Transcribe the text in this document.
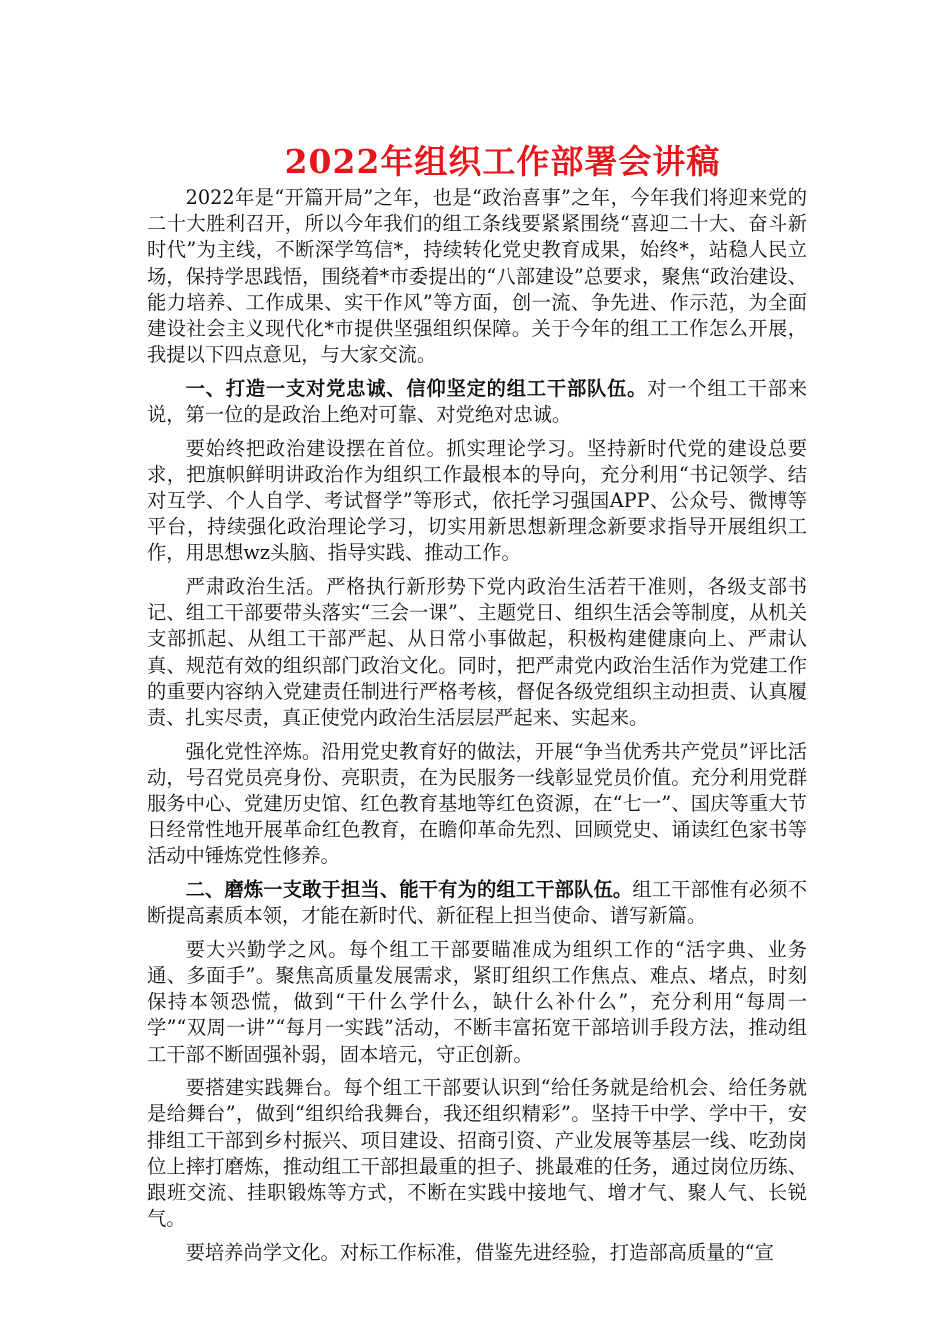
2022年组织工作部署会讲稿

2022年是“开篇开局”之年，也是“政治喜事”之年，今年我们将迎来党的二十大胜利召开，所以今年我们的组工条线要紧紧围绕“喜迎二十大、奋斗新时代”为主线，不断深学笃信*，持续转化党史教育成果，始终*，站稳人民立场，保持学思践悟，围绕着*市委提出的“八部建设”总要求，聚焦“政治建设、能力培养、工作成果、实干作风”等方面，创一流、争先进、作示范，为全面建设社会主义现代化*市提供坚强组织保障。关于今年的组工工作怎么开展，我提以下四点意见，与大家交流。

一、打造一支对党忠诚、信仰坚定的组工干部队伍。对一个组工干部来说，第一位的是政治上绝对可靠、对党绝对忠诚。

要始终把政治建设摆在首位。抓实理论学习。坚持新时代党的建设总要求，把旗帜鲜明讲政治作为组织工作最根本的导向，充分利用“书记领学、结对互学、个人自学、考试督学”等形式，依托学习强国APP、公众号、微博等平台，持续强化政治理论学习，切实用新思想新理念新要求指导开展组织工作，用思想wz头脑、指导实践、推动工作。

严肃政治生活。严格执行新形势下党内政治生活若干准则，各级支部书记、组工干部要带头落实“三会一课”、主题党日、组织生活会等制度，从机关支部抓起、从组工干部严起、从日常小事做起，积极构建健康向上、严肃认真、规范有效的组织部门政治文化。同时，把严肃党内政治生活作为党建工作的重要内容纳入党建责任制进行严格考核，督促各级党组织主动担责、认真履责、扎实尽责，真正使党内政治生活层层严起来、实起来。

强化党性淬炼。沿用党史教育好的做法，开展“争当优秀共产党员”评比活动，号召党员亮身份、亮职责，在为民服务一线彰显党员价值。充分利用党群服务中心、党建历史馆、红色教育基地等红色资源，在“七一”、国庆等重大节日经常性地开展革命红色教育，在瞻仰革命先烈、回顾党史、诵读红色家书等活动中锤炼党性修养。

二、磨炼一支敢于担当、能干有为的组工干部队伍。组工干部惟有必须不断提高素质本领，才能在新时代、新征程上担当使命、谱写新篇。

要大兴勤学之风。每个组工干部要瞄准成为组织工作的“活字典、业务通、多面手”。聚焦高质量发展需求，紧盯组织工作焦点、难点、堵点，时刻保持本领恐慌，做到“干什么学什么，缺什么补什么”，充分利用“每周一学”“双周一讲”“每月一实践”活动，不断丰富拓宽干部培训手段方法，推动组工干部不断固强补弱，固本培元，守正创新。

要搭建实践舞台。每个组工干部要认识到“给任务就是给机会、给任务就是给舞台”，做到“组织给我舞台，我还组织精彩”。坚持干中学、学中干，安排组工干部到乡村振兴、项目建设、招商引资、产业发展等基层一线、吃劲岗位上摔打磨炼，推动组工干部担最重的担子、挑最难的任务，通过岗位历练、跟班交流、挂职锻炼等方式，不断在实践中接地气、增才气、聚人气、长锐气。

要培养尚学文化。对标工作标准，借鉴先进经验，打造部高质量的“宣
